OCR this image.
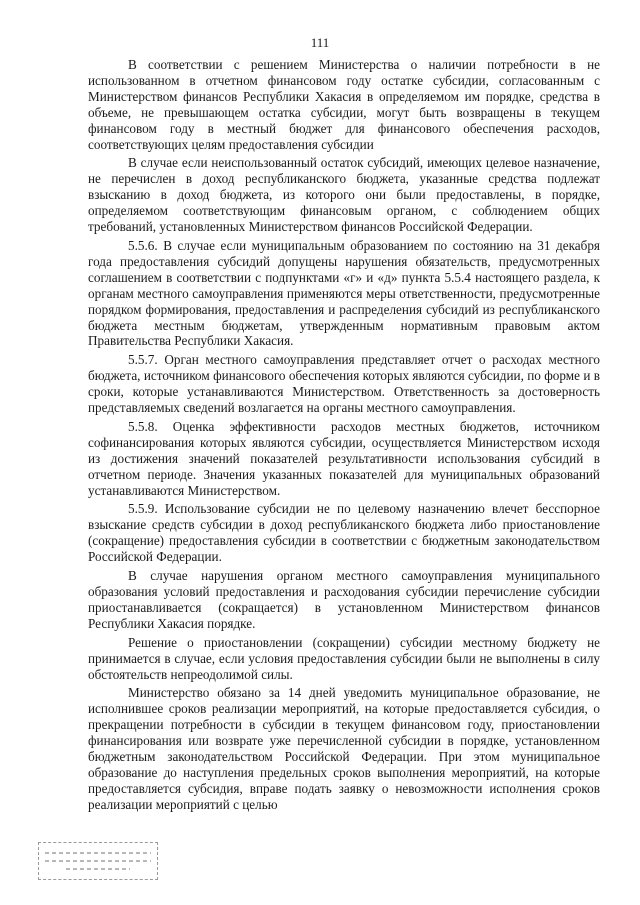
111

В соответствии с решением Министерства о наличии потребности в не использованном в отчетном финансовом году остатке субсидии, согласованным с Министерством финансов Республики Хакасия в определяемом им порядке, средства в объеме, не превышающем остатка субсидии, могут быть возвращены в текущем финансовом году в местный бюджет для финансового обеспечения расходов, соответствующих целям предоставления субсидии

В случае если неиспользованный остаток субсидий, имеющих целевое назначение, не перечислен в доход республиканского бюджета, указанные средства подлежат взысканию в доход бюджета, из которого они были предоставлены, в порядке, определяемом соответствующим финансовым органом, с соблюдением общих требований, установленных Министерством финансов Российской Федерации.

5.5.6. В случае если муниципальным образованием по состоянию на 31 декабря года предоставления субсидий допущены нарушения обязательств, предусмотренных соглашением в соответствии с подпунктами «г» и «д» пункта 5.5.4 настоящего раздела, к органам местного самоуправления применяются меры ответственности, предусмотренные порядком формирования, предоставления и распределения субсидий из республиканского бюджета местным бюджетам, утвержденным нормативным правовым актом Правительства Республики Хакасия.

5.5.7. Орган местного самоуправления представляет отчет о расходах местного бюджета, источником финансового обеспечения которых являются субсидии, по форме и в сроки, которые устанавливаются Министерством. Ответственность за достоверность представляемых сведений возлагается на органы местного самоуправления.

5.5.8. Оценка эффективности расходов местных бюджетов, источником софинансирования которых являются субсидии, осуществляется Министерством исходя из достижения значений показателей результативности использования субсидий в отчетном периоде. Значения указанных показателей для муниципальных образований устанавливаются Министерством.

5.5.9. Использование субсидии не по целевому назначению влечет бесспорное взыскание средств субсидии в доход республиканского бюджета либо приостановление (сокращение) предоставления субсидии в соответствии с бюджетным законодательством Российской Федерации.

В случае нарушения органом местного самоуправления муниципального образования условий предоставления и расходования субсидии перечисление субсидии приостанавливается (сокращается) в установленном Министерством финансов Республики Хакасия порядке.

Решение о приостановлении (сокращении) субсидии местному бюджету не принимается в случае, если условия предоставления субсидии были не выполнены в силу обстоятельств непреодолимой силы.

Министерство обязано за 14 дней уведомить муниципальное образование, не исполнившее сроков реализации мероприятий, на которые предоставляется субсидия, о прекращении потребности в субсидии в текущем финансовом году, приостановлении финансирования или возврате уже перечисленной субсидии в порядке, установленном бюджетным законодательством Российской Федерации. При этом муниципальное образование до наступления предельных сроков выполнения мероприятий, на которые предоставляется субсидия, вправе подать заявку о невозможности исполнения сроков реализации мероприятий с целью
